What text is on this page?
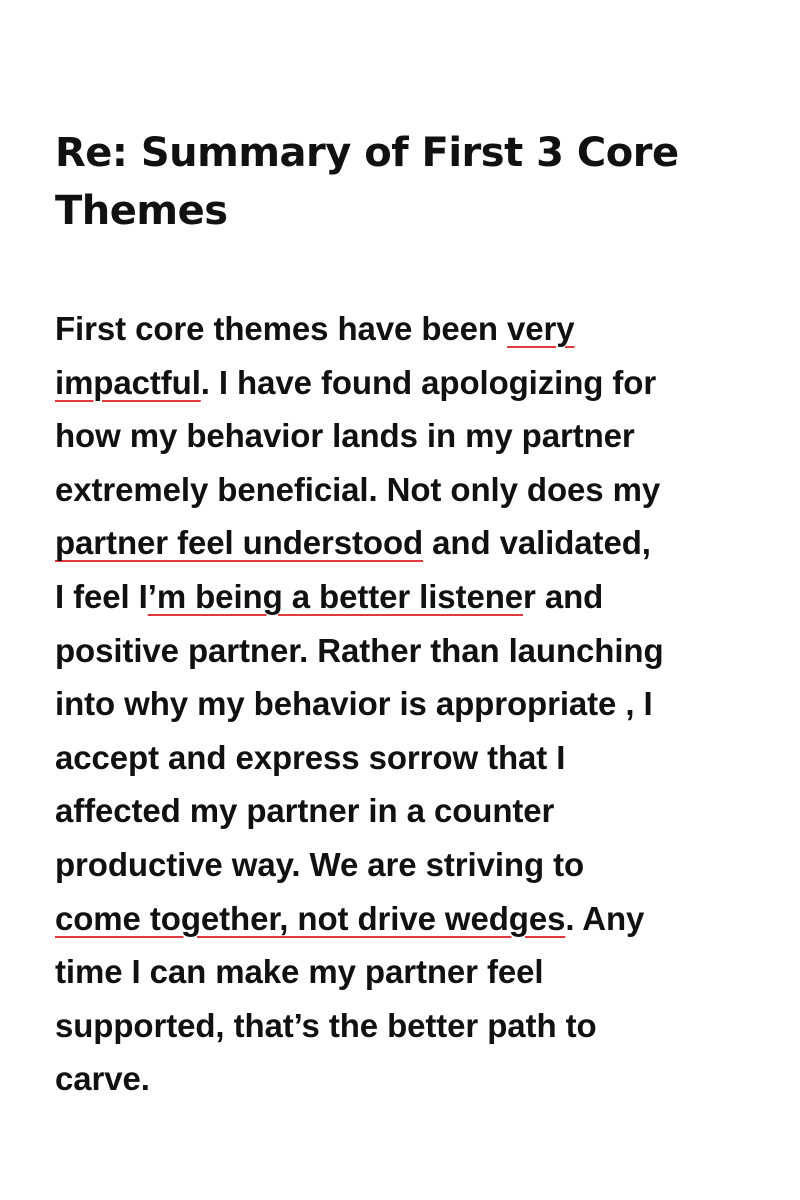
Re: Summary of First 3 Core
Themes
First core themes have been very
impactful. I have found apologizing for
how my behavior lands in my partner
extremely beneficial. Not only does my
partner feel understood and validated,
I feel I’m being a better listener and
positive partner. Rather than launching
into why my behavior is appropriate , I
accept and express sorrow that I
affected my partner in a counter
productive way. We are striving to
come together, not drive wedges. Any
time I can make my partner feel
supported, that’s the better path to
carve.
